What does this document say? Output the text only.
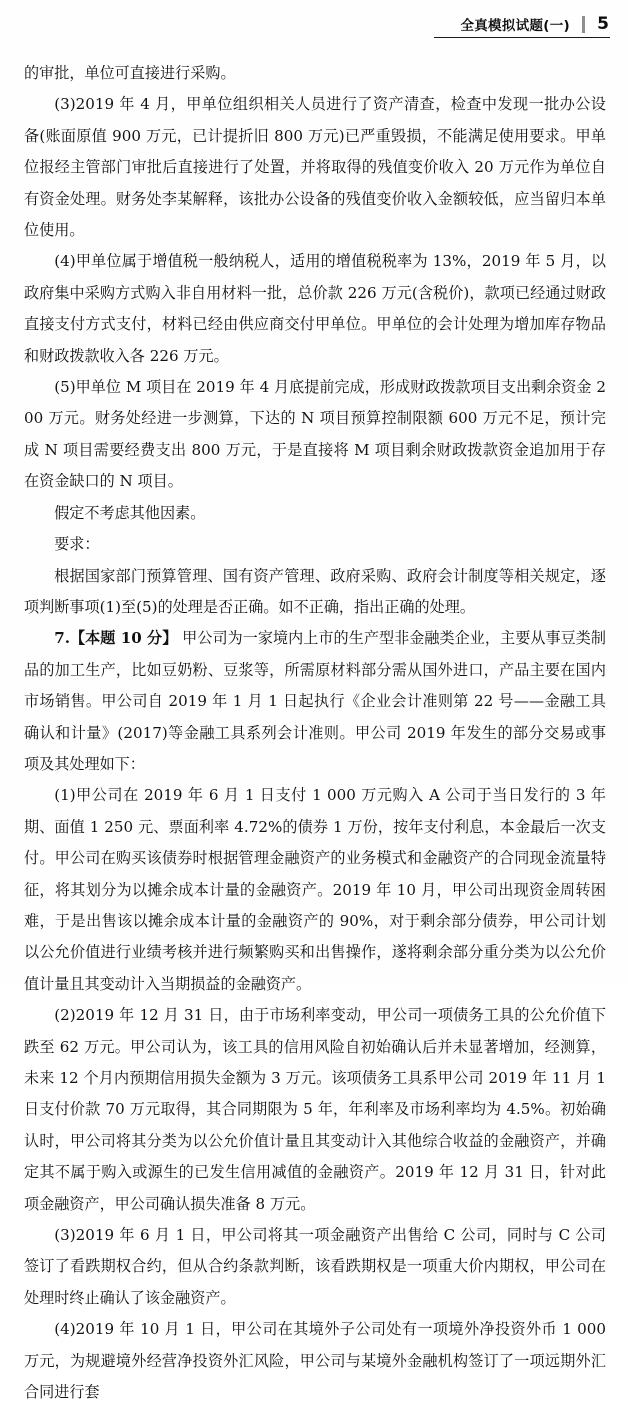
全真模拟试题(一) 5

的审批，单位可直接进行采购。

(3)2019 年 4 月，甲单位组织相关人员进行了资产清查，检查中发现一批办公设备(账面原值 900 万元，已计提折旧 800 万元)已严重毁损，不能满足使用要求。甲单位报经主管部门审批后直接进行了处置，并将取得的残值变价收入 20 万元作为单位自有资金处理。财务处李某解释，该批办公设备的残值变价收入金额较低，应当留归本单位使用。

(4)甲单位属于增值税一般纳税人，适用的增值税税率为 13%，2019 年 5 月，以政府集中采购方式购入非自用材料一批，总价款 226 万元(含税价)，款项已经通过财政直接支付方式支付，材料已经由供应商交付甲单位。甲单位的会计处理为增加库存物品和财政拨款收入各 226 万元。

(5)甲单位 M 项目在 2019 年 4 月底提前完成，形成财政拨款项目支出剩余资金 200 万元。财务处经进一步测算，下达的 N 项目预算控制限额 600 万元不足，预计完成 N 项目需要经费支出 800 万元，于是直接将 M 项目剩余财政拨款资金追加用于存在资金缺口的 N 项目。

假定不考虑其他因素。

要求：

根据国家部门预算管理、国有资产管理、政府采购、政府会计制度等相关规定，逐项判断事项(1)至(5)的处理是否正确。如不正确，指出正确的处理。

7.【本题 10 分】 甲公司为一家境内上市的生产型非金融类企业，主要从事豆类制品的加工生产，比如豆奶粉、豆浆等，所需原材料部分需从国外进口，产品主要在国内市场销售。甲公司自 2019 年 1 月 1 日起执行《企业会计准则第 22 号——金融工具确认和计量》(2017)等金融工具系列会计准则。甲公司 2019 年发生的部分交易或事项及其处理如下：

(1)甲公司在 2019 年 6 月 1 日支付 1 000 万元购入 A 公司于当日发行的 3 年期、面值 1 250 元、票面利率 4.72%的债券 1 万份，按年支付利息，本金最后一次支付。甲公司在购买该债券时根据管理金融资产的业务模式和金融资产的合同现金流量特征，将其划分为以摊余成本计量的金融资产。2019 年 10 月，甲公司出现资金周转困难，于是出售该以摊余成本计量的金融资产的 90%，对于剩余部分债券，甲公司计划以公允价值进行业绩考核并进行频繁购买和出售操作，遂将剩余部分重分类为以公允价值计量且其变动计入当期损益的金融资产。

(2)2019 年 12 月 31 日，由于市场利率变动，甲公司一项债务工具的公允价值下跌至 62 万元。甲公司认为，该工具的信用风险自初始确认后并未显著增加，经测算，未来 12 个月内预期信用损失金额为 3 万元。该项债务工具系甲公司 2019 年 11 月 1 日支付价款 70 万元取得，其合同期限为 5 年，年利率及市场利率均为 4.5%。初始确认时，甲公司将其分类为以公允价值计量且其变动计入其他综合收益的金融资产，并确定其不属于购入或源生的已发生信用减值的金融资产。2019 年 12 月 31 日，针对此项金融资产，甲公司确认损失准备 8 万元。

(3)2019 年 6 月 1 日，甲公司将其一项金融资产出售给 C 公司，同时与 C 公司签订了看跌期权合约，但从合约条款判断，该看跌期权是一项重大价内期权，甲公司在处理时终止确认了该金融资产。

(4)2019 年 10 月 1 日，甲公司在其境外子公司处有一项境外净投资外币 1 000 万元，为规避境外经营净投资外汇风险，甲公司与某境外金融机构签订了一项远期外汇合同进行套
